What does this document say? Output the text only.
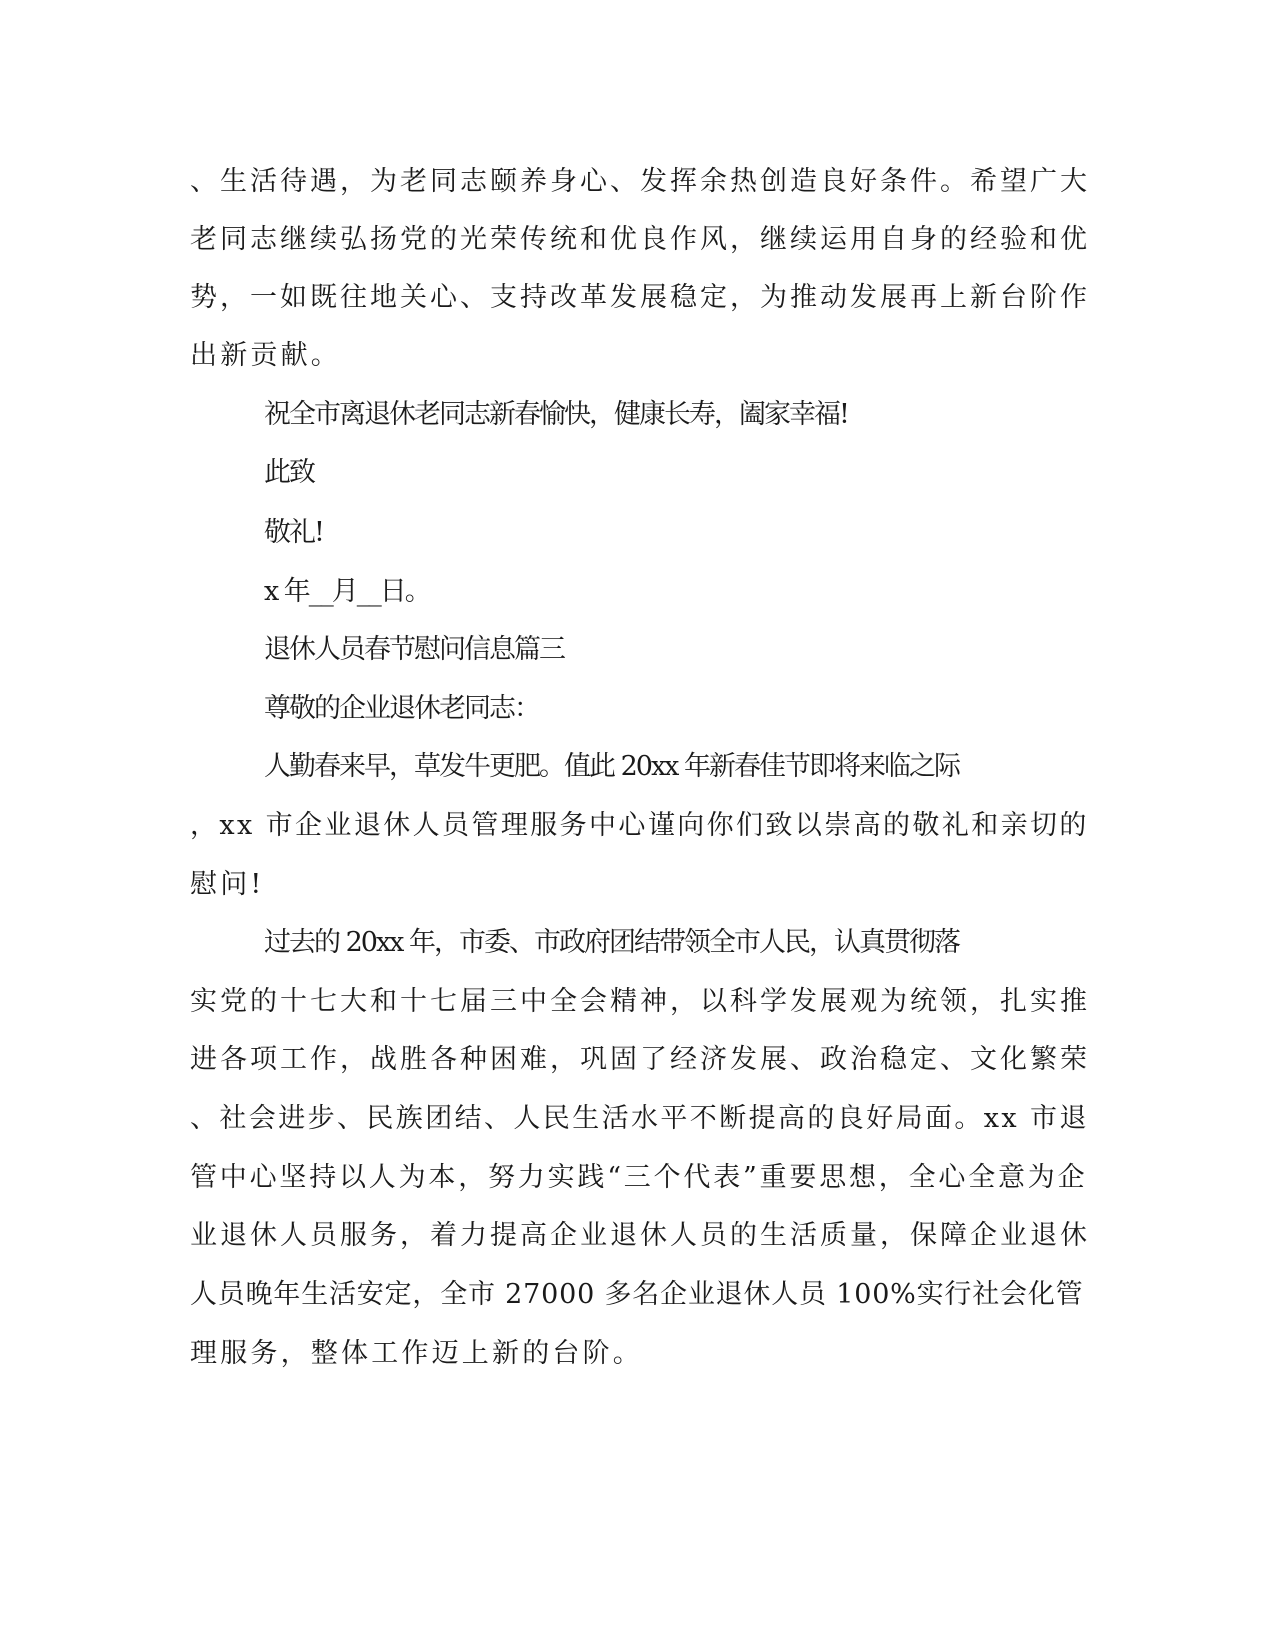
、生活待遇，为老同志颐养身心、发挥余热创造良好条件。希望广大
老同志继续弘扬党的光荣传统和优良作风，继续运用自身的经验和优
势，一如既往地关心、支持改革发展稳定，为推动发展再上新台阶作
出新贡献。
祝全市离退休老同志新春愉快，健康长寿，阖家幸福!
此致
敬礼!
x 年__月__日。
退休人员春节慰问信息篇三
尊敬的企业退休老同志：
人勤春来早，草发牛更肥。值此 20xx 年新春佳节即将来临之际
，xx 市企业退休人员管理服务中心谨向你们致以崇高的敬礼和亲切的
慰问!
过去的 20xx 年，市委、市政府团结带领全市人民，认真贯彻落
实党的十七大和十七届三中全会精神，以科学发展观为统领，扎实推
进各项工作，战胜各种困难，巩固了经济发展、政治稳定、文化繁荣
、社会进步、民族团结、人民生活水平不断提高的良好局面。xx 市退
管中心坚持以人为本，努力实践“三个代表”重要思想，全心全意为企
业退休人员服务，着力提高企业退休人员的生活质量，保障企业退休
人员晚年生活安定，全市 27000 多名企业退休人员 100%实行社会化管
理服务，整体工作迈上新的台阶。
